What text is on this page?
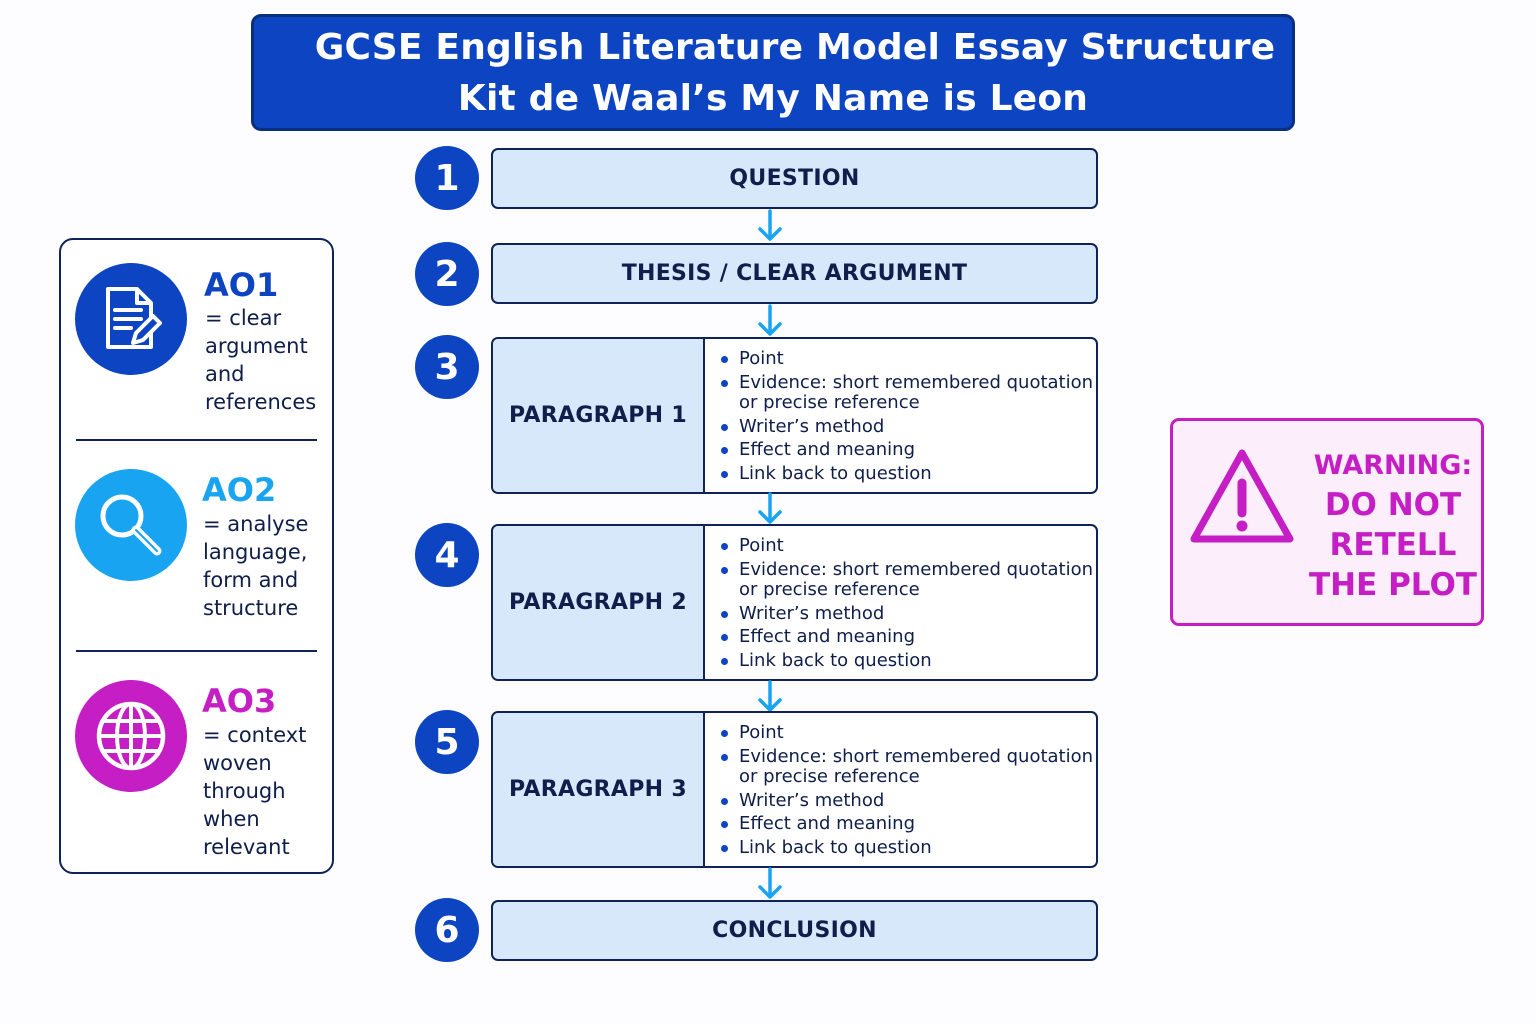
GCSE English Literature Model Essay Structure
Kit de Waal’s My Name is Leon
AO1
= clear
argument
and
references
AO2
= analyse
language,
form and
structure
AO3
= context
woven
through
when
relevant
1	QUESTION
2	THESIS / CLEAR ARGUMENT
3
PARAGRAPH 1
Point
Evidence: short remembered quotation
or precise reference
Writer’s method
Effect and meaning
Link back to question
4
PARAGRAPH 2
Point
Evidence: short remembered quotation
or precise reference
Writer’s method
Effect and meaning
Link back to question
5
PARAGRAPH 3
Point
Evidence: short remembered quotation
or precise reference
Writer’s method
Effect and meaning
Link back to question
6	CONCLUSION
WARNING:
DO NOT
RETELL
THE PLOT
